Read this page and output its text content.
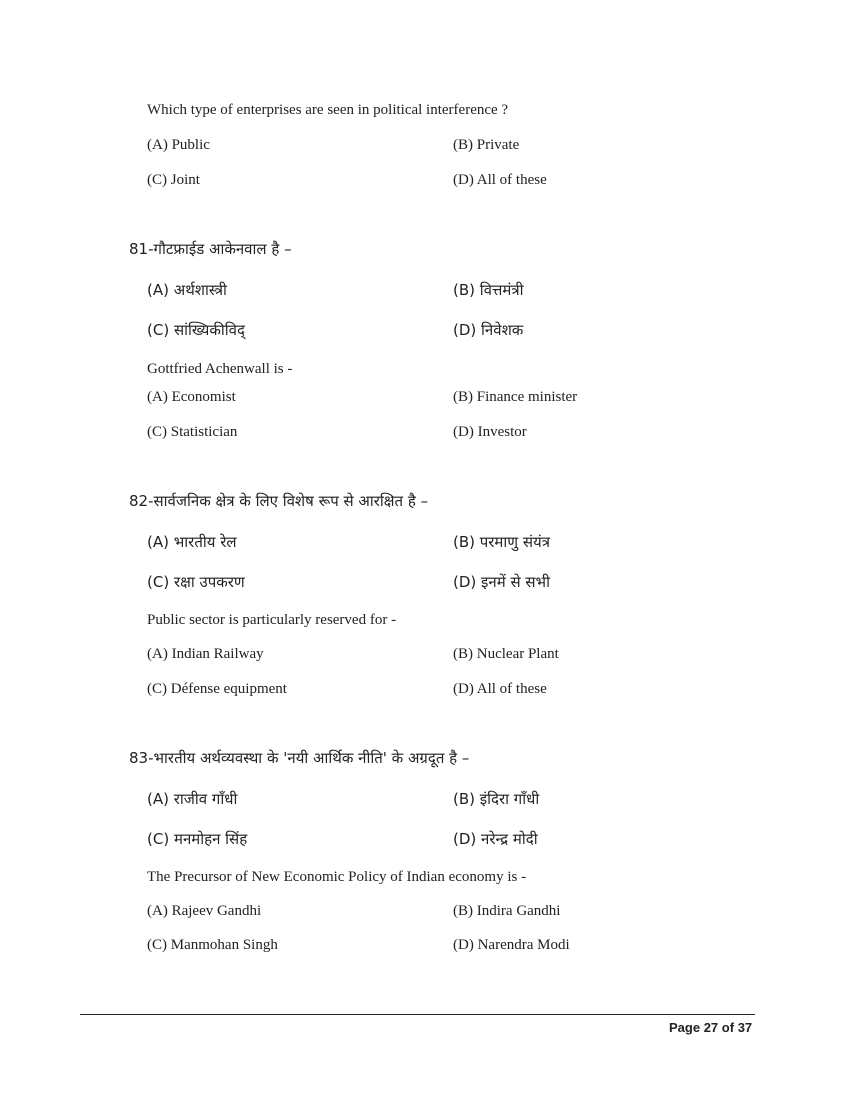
Which type of enterprises are seen in political interference ?
(A) Public	(B) Private
(C) Joint	(D) All of these
81-गौटफ्राईड आकेनवाल है –
(A) अर्थशास्त्री	(B) वित्तमंत्री
(C) सांख्यिकीविद्	(D) निवेशक
Gottfried Achenwall is -
(A) Economist	(B) Finance minister
(C) Statistician	(D) Investor
82-सार्वजनिक क्षेत्र के लिए विशेष रूप से आरक्षित है –
(A) भारतीय रेल	(B) परमाणु संयंत्र
(C) रक्षा उपकरण	(D) इनमें से सभी
Public sector is particularly reserved for -
(A) Indian Railway	(B) Nuclear Plant
(C) Défense equipment	(D) All of these
83-भारतीय अर्थव्यवस्था के 'नयी आर्थिक नीति' के अग्रदूत है –
(A) राजीव गाँधी	(B) इंदिरा गाँधी
(C) मनमोहन सिंह	(D) नरेन्द्र मोदी
The Precursor of New Economic Policy of Indian economy is -
(A) Rajeev Gandhi	(B) Indira Gandhi
(C) Manmohan Singh	(D) Narendra Modi
Page 27 of 37
